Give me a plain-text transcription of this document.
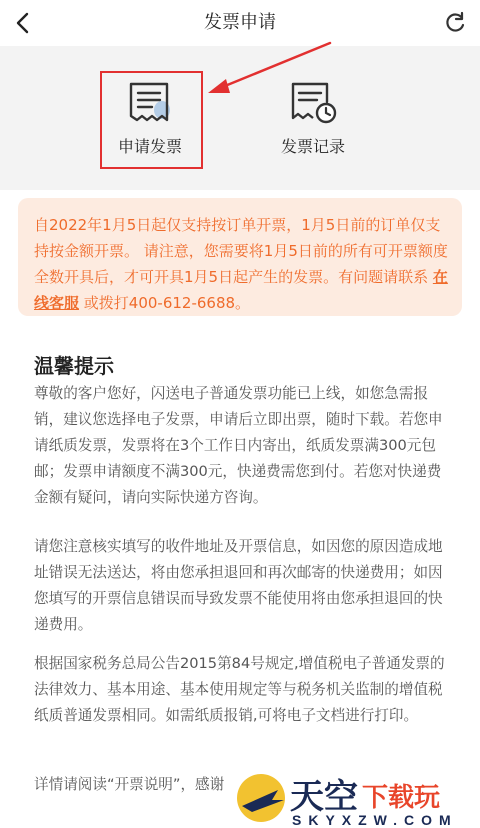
发票申请
申请发票	发票记录
自2022年1月5日起仅支持按订单开票，1月5日前的订单仅支持按金额开票。 请注意，您需要将1月5日前的所有可开票额度全数开具后，才可开具1月5日起产生的发票。有问题请联系 在线客服 或拨打400-612-6688。
温馨提示
尊敬的客户您好，闪送电子普通发票功能已上线，如您急需报销，建议您选择电子发票，申请后立即出票，随时下载。若您申请纸质发票，发票将在3个工作日内寄出，纸质发票满300元包邮；发票申请额度不满300元，快递费需您到付。若您对快递费金额有疑问，请向实际快递方咨询。
请您注意核实填写的收件地址及开票信息，如因您的原因造成地址错误无法送达，将由您承担退回和再次邮寄的快递费用；如因您填写的开票信息错误而导致发票不能使用将由您承担退回的快递费用。
根据国家税务总局公告2015第84号规定,增值税电子普通发票的法律效力、基本用途、基本使用规定等与税务机关监制的增值税纸质普通发票相同。如需纸质报销,可将电子文档进行打印。
详情请阅读“开票说明”，感谢	天空 下载玩
SKYXZW.COM
